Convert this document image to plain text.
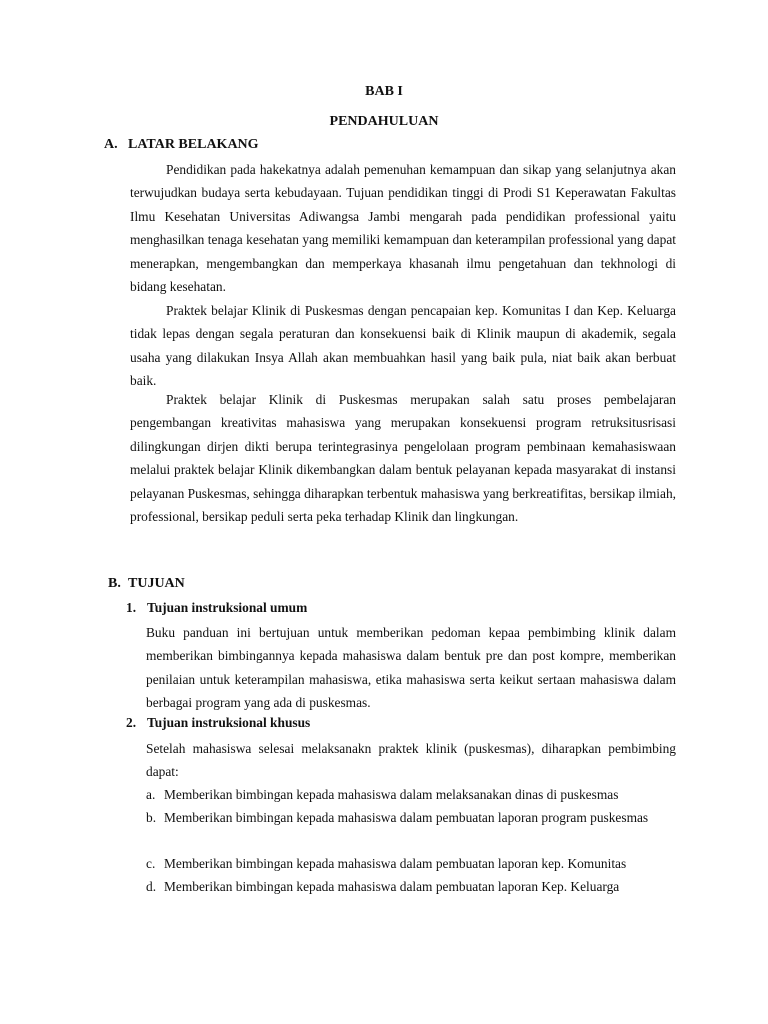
BAB I
PENDAHULUAN
A. LATAR BELAKANG

Pendidikan pada hakekatnya adalah pemenuhan kemampuan dan sikap yang selanjutnya akan terwujudkan budaya serta kebudayaan. Tujuan pendidikan tinggi di Prodi S1 Keperawatan Fakultas Ilmu Kesehatan Universitas Adiwangsa Jambi mengarah pada pendidikan professional yaitu menghasilkan tenaga kesehatan yang memiliki kemampuan dan keterampilan professional yang dapat menerapkan, mengembangkan dan memperkaya khasanah ilmu pengetahuan dan tekhnologi di bidang kesehatan.

Praktek belajar Klinik di Puskesmas dengan pencapaian kep. Komunitas I dan Kep. Keluarga tidak lepas dengan segala peraturan dan konsekuensi baik di Klinik maupun di akademik, segala usaha yang dilakukan Insya Allah akan membuahkan hasil yang baik pula, niat baik akan berbuat baik.

Praktek belajar Klinik di Puskesmas merupakan salah satu proses pembelajaran pengembangan kreativitas mahasiswa yang merupakan konsekuensi program retruksitusrisasi dilingkungan dirjen dikti berupa terintegrasinya pengelolaan program pembinaan kemahasiswaan melalui praktek belajar Klinik dikembangkan dalam bentuk pelayanan kepada masyarakat di instansi pelayanan Puskesmas, sehingga diharapkan terbentuk mahasiswa yang berkreatifitas, bersikap ilmiah, professional, bersikap peduli serta peka terhadap Klinik dan lingkungan.

B. TUJUAN
1. Tujuan instruksional umum

Buku panduan ini bertujuan untuk memberikan pedoman kepaa pembimbing klinik dalam memberikan bimbingannya kepada mahasiswa dalam bentuk pre dan post kompre, memberikan penilaian untuk keterampilan mahasiswa, etika mahasiswa serta keikut sertaan mahasiswa dalam berbagai program yang ada di puskesmas.

2. Tujuan instruksional khusus

Setelah mahasiswa selesai melaksanakn praktek klinik (puskesmas), diharapkan pembimbing dapat:

a. Memberikan bimbingan kepada mahasiswa dalam melaksanakan dinas di puskesmas
b. Memberikan bimbingan kepada mahasiswa dalam pembuatan laporan program puskesmas
c. Memberikan bimbingan kepada mahasiswa dalam pembuatan laporan kep. Komunitas
d. Memberikan bimbingan kepada mahasiswa dalam pembuatan laporan Kep. Keluarga
